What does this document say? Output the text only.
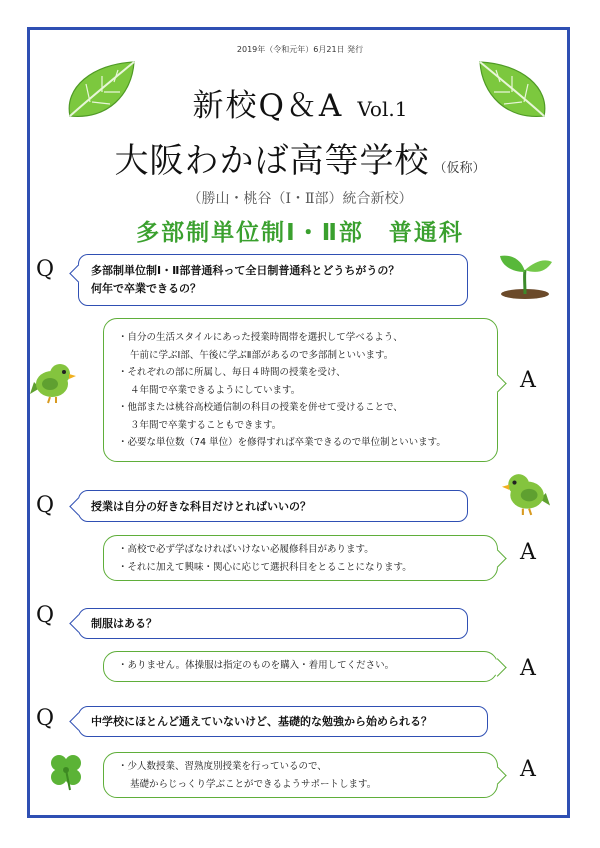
2019年（令和元年）6月21日 発行
新校Q＆A Vol.1
大阪わかば高等学校 （仮称）
（勝山・桃谷（Ⅰ・Ⅱ部）統合新校）
多部制単位制Ⅰ・Ⅱ部　普通科
Q	多部制単位制Ⅰ・Ⅱ部普通科って全日制普通科とどうちがうの？
何年で卒業できるの？

・自分の生活スタイルにあった授業時間帯を選択して学べるよう、

午前に学ぶⅠ部、午後に学ぶⅡ部があるので多部制といいます。

・それぞれの部に所属し、毎日４時間の授業を受け、

４年間で卒業できるようにしています。

・他部または桃谷高校通信制の科目の授業を併せて受けることで、

３年間で卒業することもできます。

・必要な単位数（74 単位）を修得すれば卒業できるので単位制といいます。

A
Q	授業は自分の好きな科目だけとればいいの？

・高校で必ず学ばなければいけない必履修科目があります。

・それに加えて興味・関心に応じて選択科目をとることになります。

A
Q	制服はある？

・ありません。体操服は指定のものを購入・着用してください。	A
Q	中学校にほとんど通えていないけど、基礎的な勉強から始められる？

・少人数授業、習熟度別授業を行っているので、

基礎からじっくり学ぶことができるようサポートします。

A
